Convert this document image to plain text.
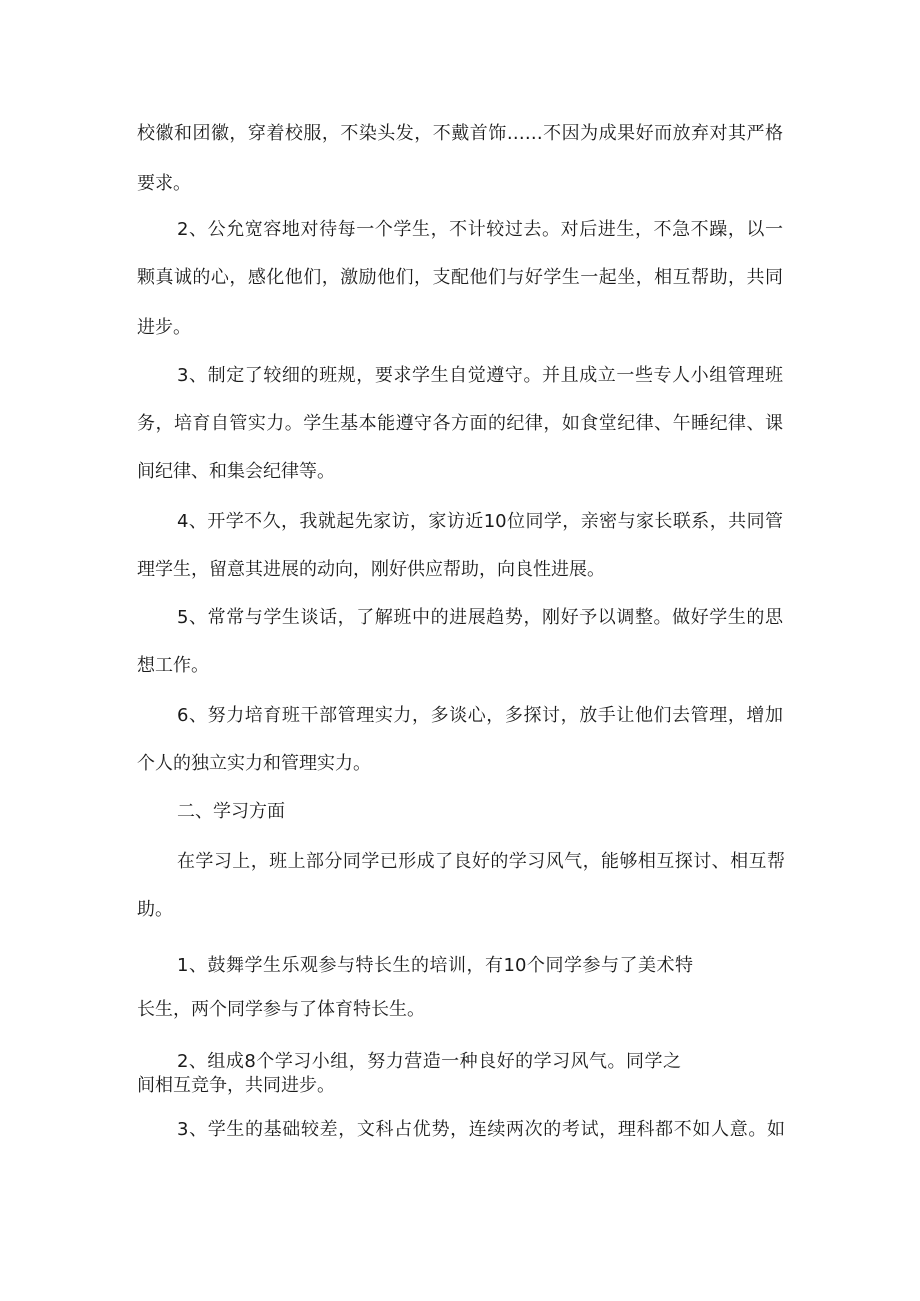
校徽和团徽，穿着校服，不染头发，不戴首饰……不因为成果好而放弃对其严格
要求。
2、公允宽容地对待每一个学生，不计较过去。对后进生，不急不躁，以一
颗真诚的心，感化他们，激励他们，支配他们与好学生一起坐，相互帮助，共同
进步。
3、制定了较细的班规，要求学生自觉遵守。并且成立一些专人小组管理班
务，培育自管实力。学生基本能遵守各方面的纪律，如食堂纪律、午睡纪律、课
间纪律、和集会纪律等。
4、开学不久，我就起先家访，家访近10位同学，亲密与家长联系，共同管
理学生，留意其进展的动向，刚好供应帮助，向良性进展。
5、常常与学生谈话，了解班中的进展趋势，刚好予以调整。做好学生的思
想工作。
6、努力培育班干部管理实力，多谈心，多探讨，放手让他们去管理，增加
个人的独立实力和管理实力。
二、学习方面
在学习上，班上部分同学已形成了良好的学习风气，能够相互探讨、相互帮
助。
1、鼓舞学生乐观参与特长生的培训，有10个同学参与了美术特
长生，两个同学参与了体育特长生。
2、组成8个学习小组，努力营造一种良好的学习风气。同学之
间相互竞争，共同进步。
3、学生的基础较差，文科占优势，连续两次的考试，理科都不如人意。如
